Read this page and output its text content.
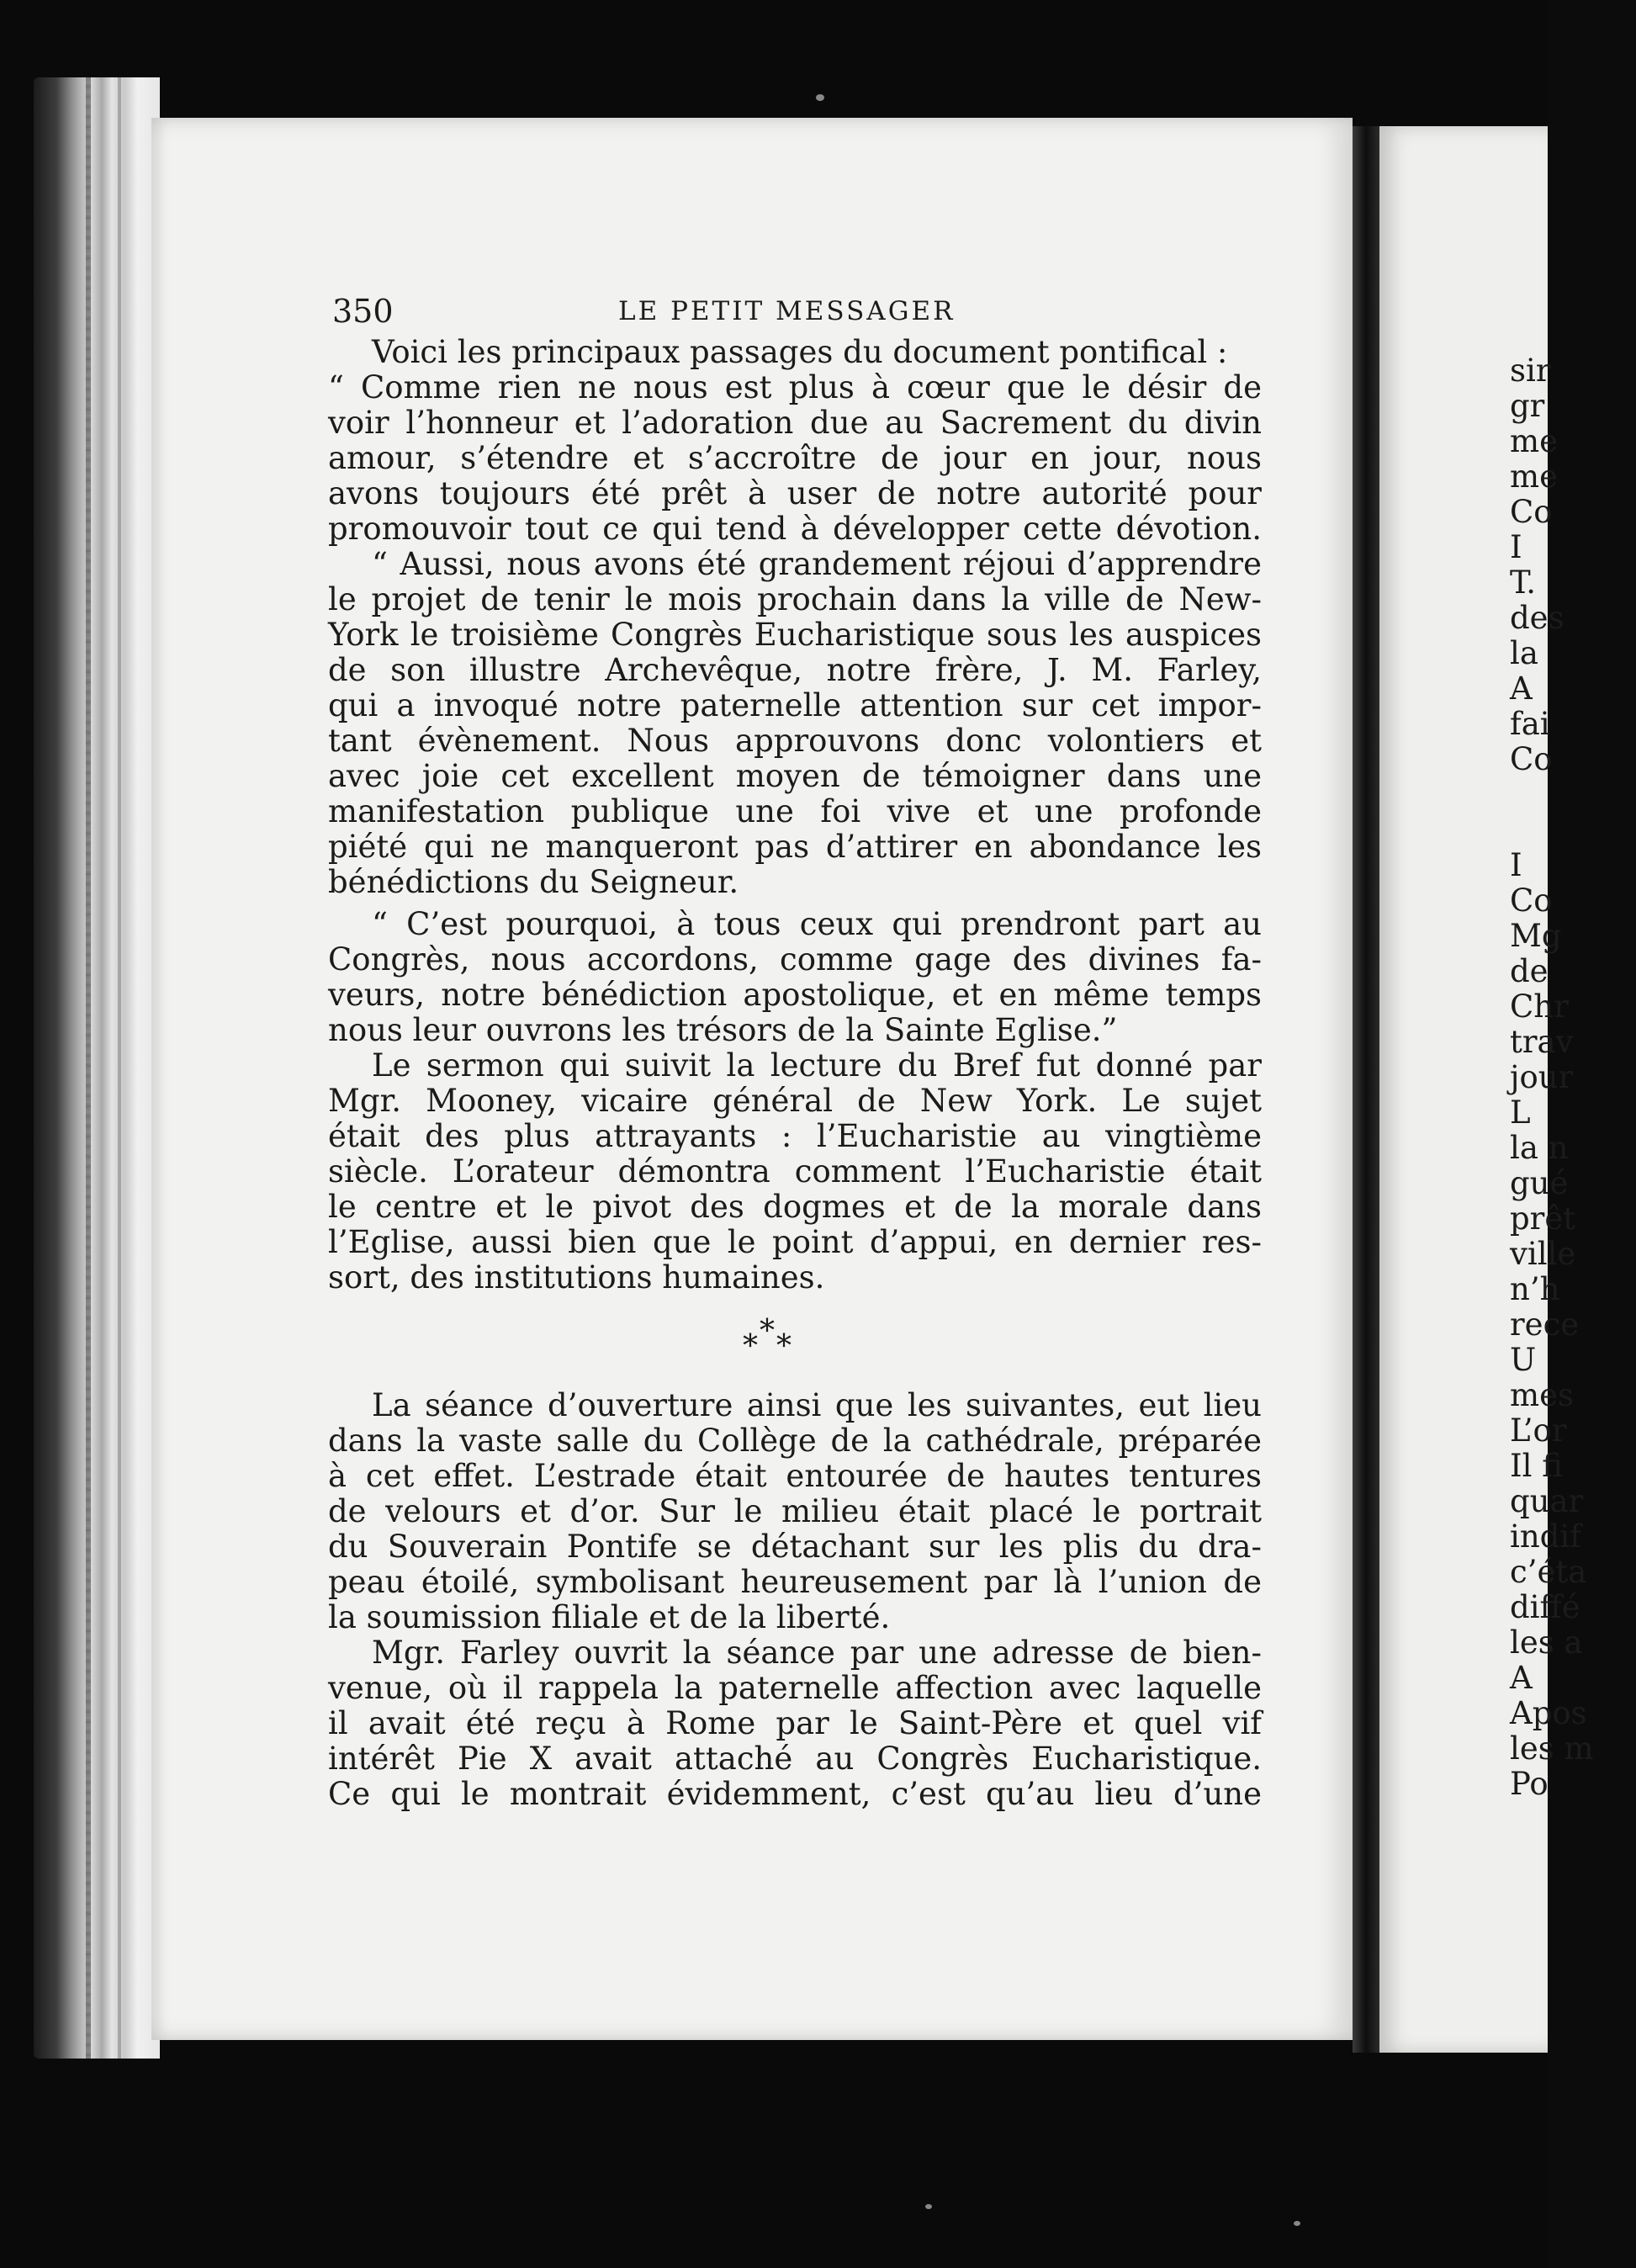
350	LE PETIT MESSAGER
Voici les principaux passages du document pontifical :
“ Comme rien ne nous est plus à cœur que le désir de
voir l’honneur et l’adoration due au Sacrement du divin
amour, s’étendre et s’accroître de jour en jour, nous
avons toujours été prêt à user de notre autorité pour
promouvoir tout ce qui tend à développer cette dévotion.
“ Aussi, nous avons été grandement réjoui d’apprendre
le projet de tenir le mois prochain dans la ville de New-
York le troisième Congrès Eucharistique sous les auspices
de son illustre Archevêque, notre frère, J. M. Farley,
qui a invoqué notre paternelle attention sur cet impor-
tant évènement. Nous approuvons donc volontiers et
avec joie cet excellent moyen de témoigner dans une
manifestation publique une foi vive et une profonde
piété qui ne manqueront pas d’attirer en abondance les
bénédictions du Seigneur.
“ C’est pourquoi, à tous ceux qui prendront part au
Congrès, nous accordons, comme gage des divines fa-
veurs, notre bénédiction apostolique, et en même temps
nous leur ouvrons les trésors de la Sainte Eglise.”
Le sermon qui suivit la lecture du Bref fut donné par
Mgr. Mooney, vicaire général de New York. Le sujet
était des plus attrayants : l’Eucharistie au vingtième
siècle. L’orateur démontra comment l’Eucharistie était
le centre et le pivot des dogmes et de la morale dans
l’Eglise, aussi bien que le point d’appui, en dernier res-
sort, des institutions humaines.
*
* *
La séance d’ouverture ainsi que les suivantes, eut lieu
dans la vaste salle du Collège de la cathédrale, préparée
à cet effet. L’estrade était entourée de hautes tentures
de velours et d’or. Sur le milieu était placé le portrait
du Souverain Pontife se détachant sur les plis du dra-
peau étoilé, symbolisant heureusement par là l’union de
la soumission filiale et de la liberté.
Mgr. Farley ouvrit la séance par une adresse de bien-
venue, où il rappela la paternelle affection avec laquelle
il avait été reçu à Rome par le Saint-Père et quel vif
intérêt Pie X avait attaché au Congrès Eucharistique.
Ce qui le montrait évidemment, c’est qu’au lieu d’une
sir
gr
me
me
Co
I
T.
des
la
A
fai
Co
I
Co
Mg
de
Chr
trav
jour
L
la n
gué
prêt
ville
n’h
rece
U
mes
L’or
Il fi
quar
indif
c’éta
diffé
les a
A
Apos
les m
Po
